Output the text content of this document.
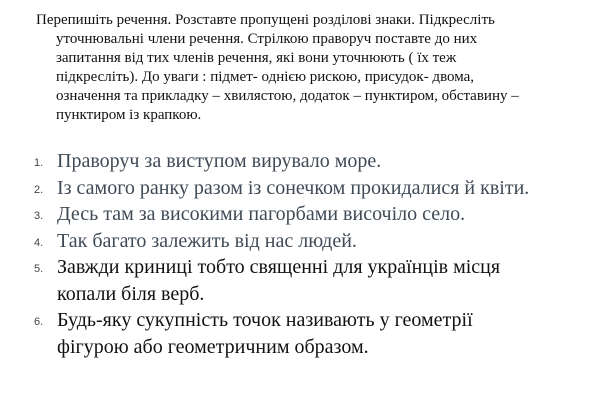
Перепишіть речення. Розставте пропущені розділові знаки. Підкресліть
уточнювальні члени речення. Стрілкою праворуч поставте до них
запитання від тих членів речення, які вони уточнюють ( їх теж
підкресліть). До уваги : підмет- однією рискою, присудок- двома,
означення та прикладку – хвилястою, додаток – пунктиром, обставину –
пунктиром із крапкою.

1. Праворуч за виступом вирувало море.
2. Із самого ранку разом із сонечком прокидалися й квіти.
3. Десь там за високими пагорбами височіло село.
4. Так багато залежить від нас людей.
5. Завжди криниці тобто священні для українців місця
копали біля верб.
6. Будь-яку сукупність точок називають у геометрії
фігурою або геометричним образом.
